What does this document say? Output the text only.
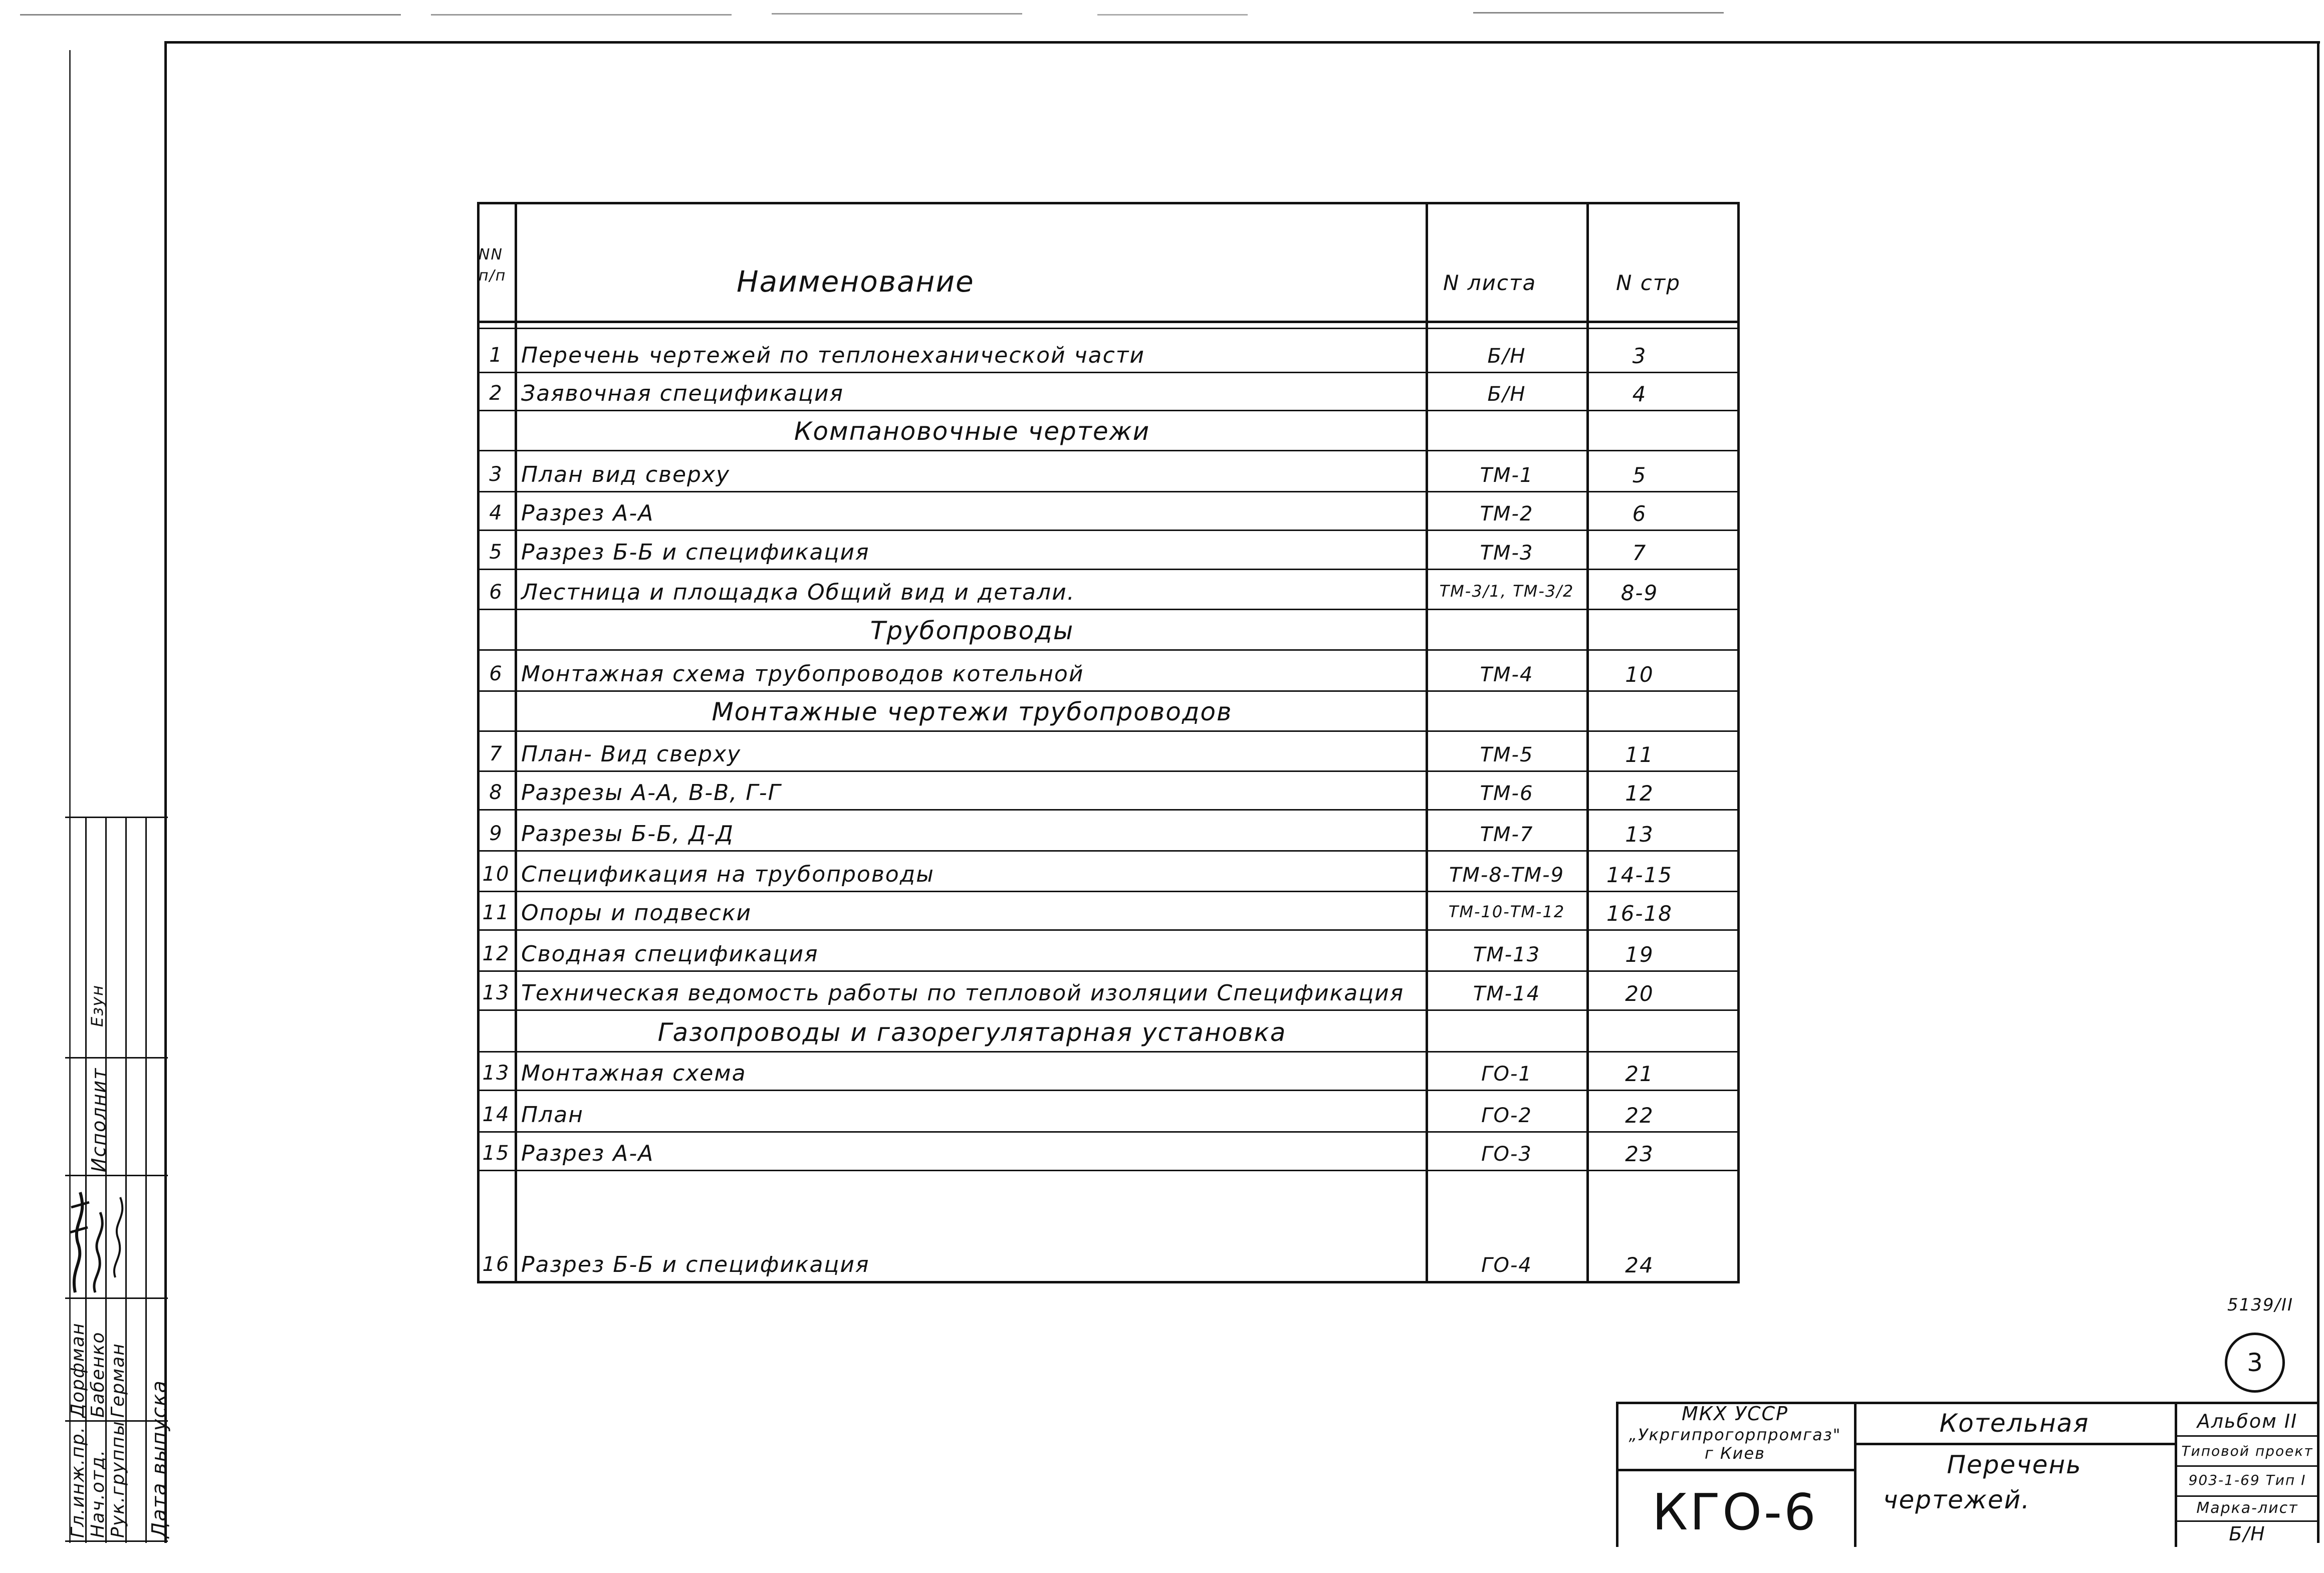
NN п/п	Наименование	N листа	N стр
1 Перечень чертежей по теплонеханической части	Б/Н	3
2 Заявочная спецификация	Б/Н	4
Компановочные чертежи
3 План вид сверху	ТМ-1	5
4 Разрез А-А	ТМ-2	6
5 Разрез Б-Б и спецификация	ТМ-3	7
6 Лестница и площадка Общий вид и детали.	ТМ-3/1, ТМ-3/2	8-9
Трубопроводы
6 Монтажная схема трубопроводов котельной	ТМ-4	10
Монтажные чертежи трубопроводов
7 План- Вид сверху	ТМ-5	11
8 Разрезы А-А, В-В, Г-Г	ТМ-6	12
9 Разрезы Б-Б, Д-Д	ТМ-7	13
10 Спецификация на трубопроводы	ТМ-8-ТМ-9	14-15
11 Опоры и подвески	ТМ-10-ТМ-12	16-18
12 Сводная спецификация	ТМ-13	19
13 Техническая ведомость работы по тепловой изоляции Спецификация	ТМ-14	20
Газопроводы и газорегулятарная установка
13 Монтажная схема	ГО-1	21
14 План	ГО-2	22
15 Разрез А-А	ГО-3	23
16 Разрез Б-Б и спецификация	ГО-4	24
Гл.инж.пр. Нач.отд. Рук.группы Дата выпуска
Дорфман Бабенко Герман
Исполнит
Езун
5139/II
3
МКХ УССР
„Укргипрогорпромгаз"
г Киев
КГО-6
Котельная
Перечень
чертежей.
Альбом II
Типовой проект
903-1-69 Тип I
Марка-лист
Б/Н
